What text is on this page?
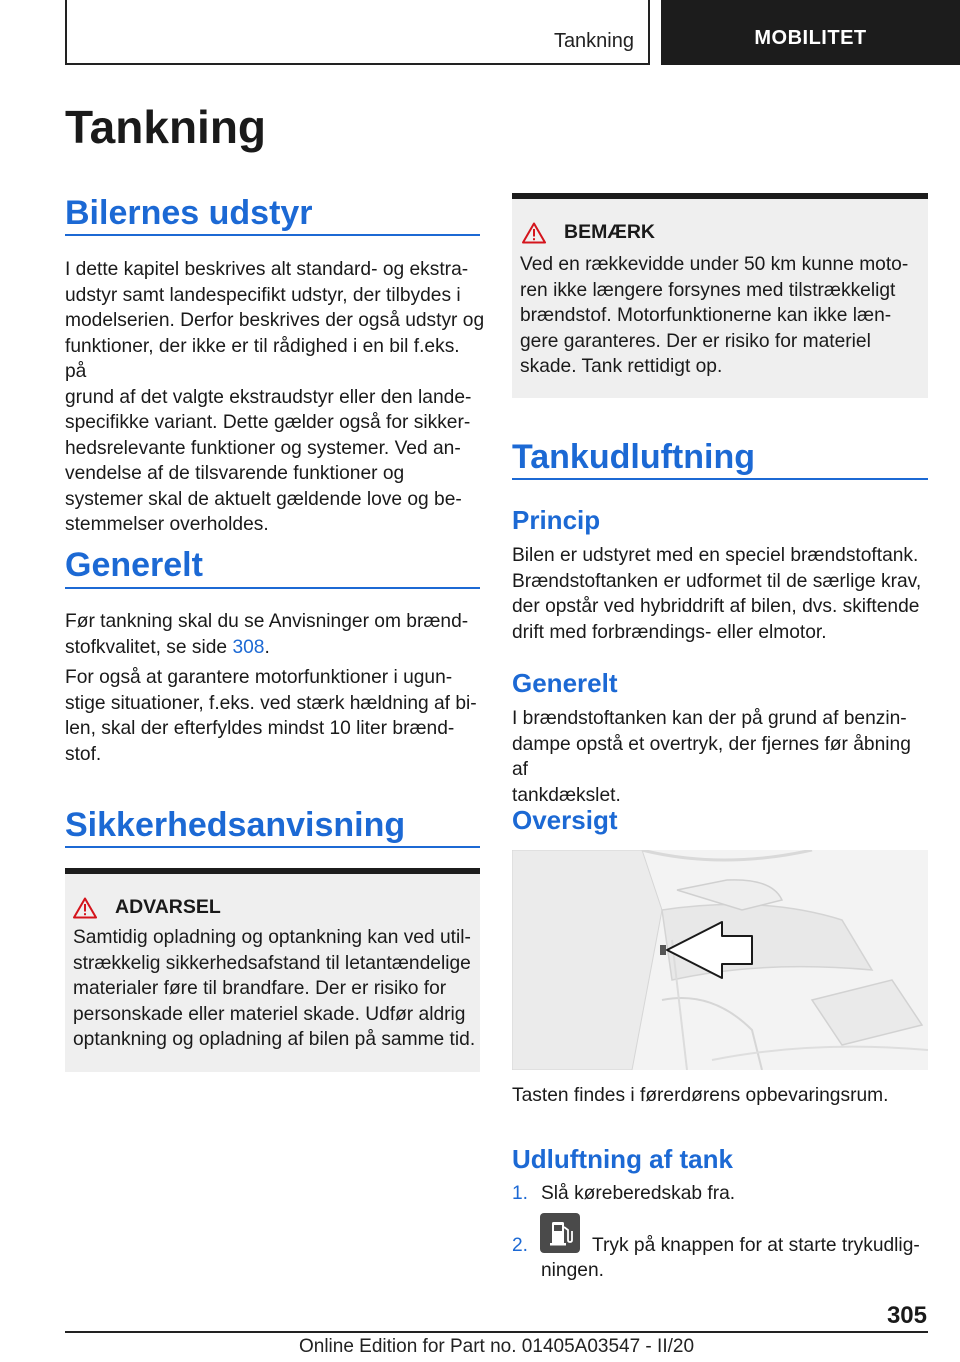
Tankning	MOBILITET
Tankning
Bilernes udstyr
I dette kapitel beskrives alt standard- og ekstra-
udstyr samt landespecifikt udstyr, der tilbydes i
modelserien. Derfor beskrives der også udstyr og
funktioner, der ikke er til rådighed i en bil f.eks. på
grund af det valgte ekstraudstyr eller den lande-
specifikke variant. Dette gælder også for sikker-
hedsrelevante funktioner og systemer. Ved an-
vendelse af de tilsvarende funktioner og
systemer skal de aktuelt gældende love og be-
stemmelser overholdes.
Generelt
Før tankning skal du se Anvisninger om brænd-
stofkvalitet, se side 308.
For også at garantere motorfunktioner i ugun-
stige situationer, f.eks. ved stærk hældning af bi-
len, skal der efterfyldes mindst 10 liter brænd-
stof.
Sikkerhedsanvisning
ADVARSEL
Samtidig opladning og optankning kan ved util-
strækkelig sikkerhedsafstand til letantændelige
materialer føre til brandfare. Der er risiko for
personskade eller materiel skade. Udfør aldrig
optankning og opladning af bilen på samme tid.
BEMÆRK
Ved en rækkevidde under 50 km kunne moto-
ren ikke længere forsynes med tilstrækkeligt
brændstof. Motorfunktionerne kan ikke læn-
gere garanteres. Der er risiko for materiel
skade. Tank rettidigt op.
Tankudluftning
Princip
Bilen er udstyret med en speciel brændstoftank.
Brændstoftanken er udformet til de særlige krav,
der opstår ved hybriddrift af bilen, dvs. skiftende
drift med forbrændings- eller elmotor.
Generelt
I brændstoftanken kan der på grund af benzin-
dampe opstå et overtryk, der fjernes før åbning af
tankdækslet.
Oversigt
Tasten findes i førerdørens opbevaringsrum.
Udluftning af tank
1. Slå køreberedskab fra.
2.	Tryk på knappen for at starte trykudlig-
ningen.
305
Online Edition for Part no. 01405A03547 - II/20
